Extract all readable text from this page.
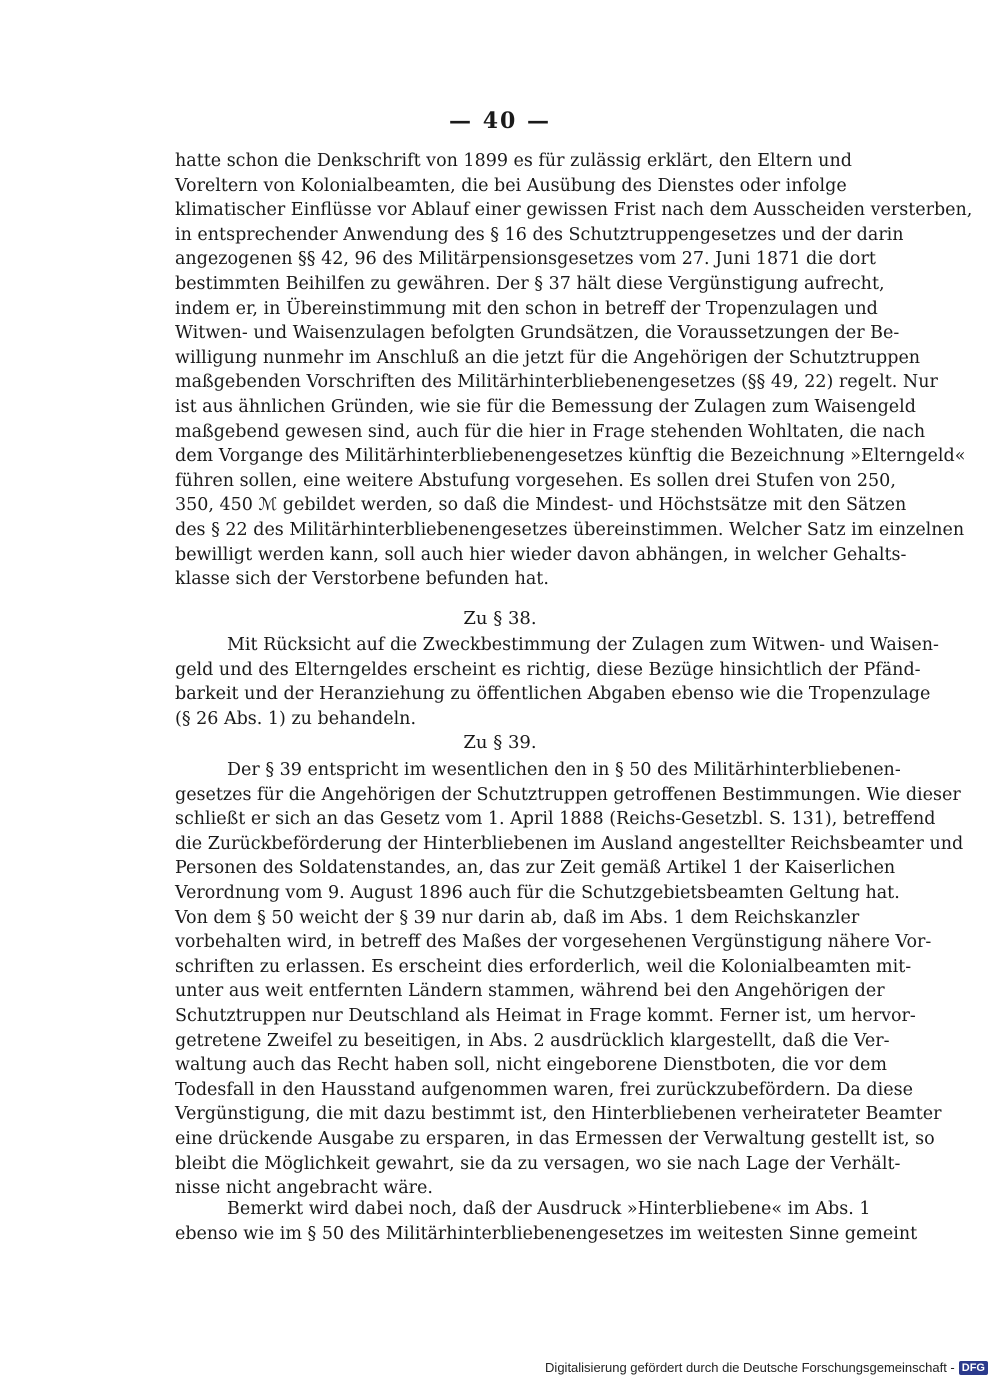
— 40 —
hatte schon die Denkschrift von 1899 es für zulässig erklärt, den Eltern und
Voreltern von Kolonialbeamten, die bei Ausübung des Dienstes oder infolge
klimatischer Einflüsse vor Ablauf einer gewissen Frist nach dem Ausscheiden versterben,
in entsprechender Anwendung des § 16 des Schutztruppengesetzes und der darin
angezogenen §§ 42, 96 des Militärpensionsgesetzes vom 27. Juni 1871 die dort
bestimmten Beihilfen zu gewähren. Der § 37 hält diese Vergünstigung aufrecht,
indem er, in Übereinstimmung mit den schon in betreff der Tropenzulagen und
Witwen- und Waisenzulagen befolgten Grundsätzen, die Voraussetzungen der Be-
willigung nunmehr im Anschluß an die jetzt für die Angehörigen der Schutztruppen
maßgebenden Vorschriften des Militärhinterbliebenengesetzes (§§ 49, 22) regelt. Nur
ist aus ähnlichen Gründen, wie sie für die Bemessung der Zulagen zum Waisengeld
maßgebend gewesen sind, auch für die hier in Frage stehenden Wohltaten, die nach
dem Vorgange des Militärhinterbliebenengesetzes künftig die Bezeichnung »Elterngeld«
führen sollen, eine weitere Abstufung vorgesehen. Es sollen drei Stufen von 250,
350, 450 ℳ gebildet werden, so daß die Mindest- und Höchstsätze mit den Sätzen
des § 22 des Militärhinterbliebenengesetzes übereinstimmen. Welcher Satz im einzelnen
bewilligt werden kann, soll auch hier wieder davon abhängen, in welcher Gehalts-
klasse sich der Verstorbene befunden hat.
Zu § 38.
Mit Rücksicht auf die Zweckbestimmung der Zulagen zum Witwen- und Waisen-
geld und des Elterngeldes erscheint es richtig, diese Bezüge hinsichtlich der Pfänd-
barkeit und der Heranziehung zu öffentlichen Abgaben ebenso wie die Tropenzulage
(§ 26 Abs. 1) zu behandeln.
Zu § 39.
Der § 39 entspricht im wesentlichen den in § 50 des Militärhinterbliebenen-
gesetzes für die Angehörigen der Schutztruppen getroffenen Bestimmungen. Wie dieser
schließt er sich an das Gesetz vom 1. April 1888 (Reichs-Gesetzbl. S. 131), betreffend
die Zurückbeförderung der Hinterbliebenen im Ausland angestellter Reichsbeamter und
Personen des Soldatenstandes, an, das zur Zeit gemäß Artikel 1 der Kaiserlichen
Verordnung vom 9. August 1896 auch für die Schutzgebietsbeamten Geltung hat.
Von dem § 50 weicht der § 39 nur darin ab, daß im Abs. 1 dem Reichskanzler
vorbehalten wird, in betreff des Maßes der vorgesehenen Vergünstigung nähere Vor-
schriften zu erlassen. Es erscheint dies erforderlich, weil die Kolonialbeamten mit-
unter aus weit entfernten Ländern stammen, während bei den Angehörigen der
Schutztruppen nur Deutschland als Heimat in Frage kommt. Ferner ist, um hervor-
getretene Zweifel zu beseitigen, in Abs. 2 ausdrücklich klargestellt, daß die Ver-
waltung auch das Recht haben soll, nicht eingeborene Dienstboten, die vor dem
Todesfall in den Hausstand aufgenommen waren, frei zurückzubefördern. Da diese
Vergünstigung, die mit dazu bestimmt ist, den Hinterbliebenen verheirateter Beamter
eine drückende Ausgabe zu ersparen, in das Ermessen der Verwaltung gestellt ist, so
bleibt die Möglichkeit gewahrt, sie da zu versagen, wo sie nach Lage der Verhält-
nisse nicht angebracht wäre.
Bemerkt wird dabei noch, daß der Ausdruck »Hinterbliebene« im Abs. 1
ebenso wie im § 50 des Militärhinterbliebenengesetzes im weitesten Sinne gemeint
Digitalisierung gefördert durch die Deutsche Forschungsgemeinschaft - DFG
